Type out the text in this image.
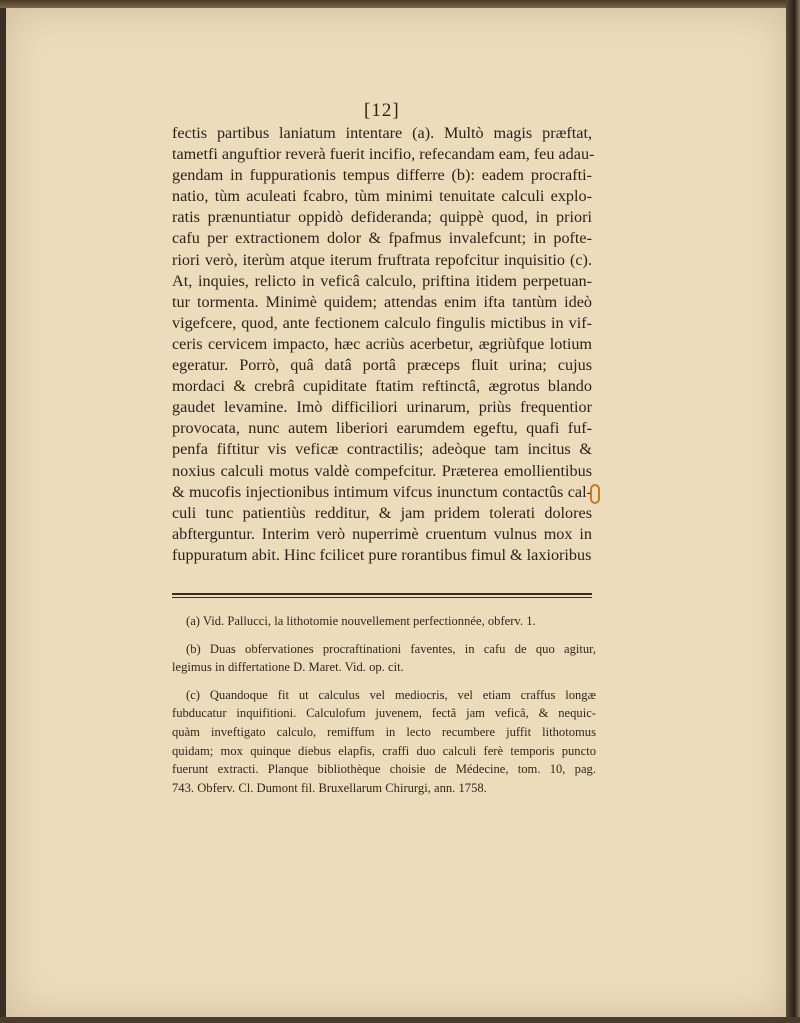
[12]
fectis partibus laniatum intentare (a). Multò magis præftat,
tametfi anguftior reverà fuerit incifio, refecandam eam, feu adau-
gendam in fuppurationis tempus differre (b): eadem procrafti-
natio, tùm aculeati fcabro, tùm minimi tenuitate calculi explo-
ratis prænuntiatur oppidò defideranda; quippè quod, in priori
cafu per extractionem dolor & fpafmus invalefcunt; in pofte-
riori verò, iterùm atque iterum fruftrata repofcitur inquisitio (c).
At, inquies, relicto in veficâ calculo, priftina itidem perpetuan-
tur tormenta. Minimè quidem; attendas enim ifta tantùm ideò
vigefcere, quod, ante fectionem calculo fingulis mictibus in vif-
ceris cervicem impacto, hæc acriùs acerbetur, ægriùfque lotium
egeratur. Porrò, quâ datâ portâ præceps fluit urina; cujus
mordaci & crebrâ cupiditate ftatim reftinctâ, ægrotus blando
gaudet levamine. Imò difficiliori urinarum, priùs frequentior
provocata, nunc autem liberiori earumdem egeftu, quafi fuf-
penfa fiftitur vis veficæ contractilis; adeòque tam incitus &
noxius calculi motus valdè compefcitur. Præterea emollientibus
& mucofis injectionibus intimum vifcus inunctum contactûs cal-
culi tunc patientiùs redditur, & jam pridem tolerati dolores
abfterguntur. Interim verò nuperrimè cruentum vulnus mox in
fuppuratum abit. Hinc fcilicet pure rorantibus fimul & laxioribus
(a) Vid. Pallucci, la lithotomie nouvellement perfectionnée, obferv. 1.
(b) Duas obfervationes procraftinationi faventes, in cafu de quo agitur,
legimus in differtatione D. Maret. Vid. op. cit.
(c) Quandoque fit ut calculus vel mediocris, vel etiam craffus longæ
fubducatur inquifitioni. Calculofum juvenem, fectâ jam veficâ, & nequic-
quàm inveftigato calculo, remiffum in lecto recumbere juffit lithotomus
quidam; mox quinque diebus elapfis, craffi duo calculi ferè temporis puncto
fuerunt extracti. Planque bibliothèque choisie de Médecine, tom. 10, pag.
743. Obferv. Cl. Dumont fil. Bruxellarum Chirurgi, ann. 1758.
